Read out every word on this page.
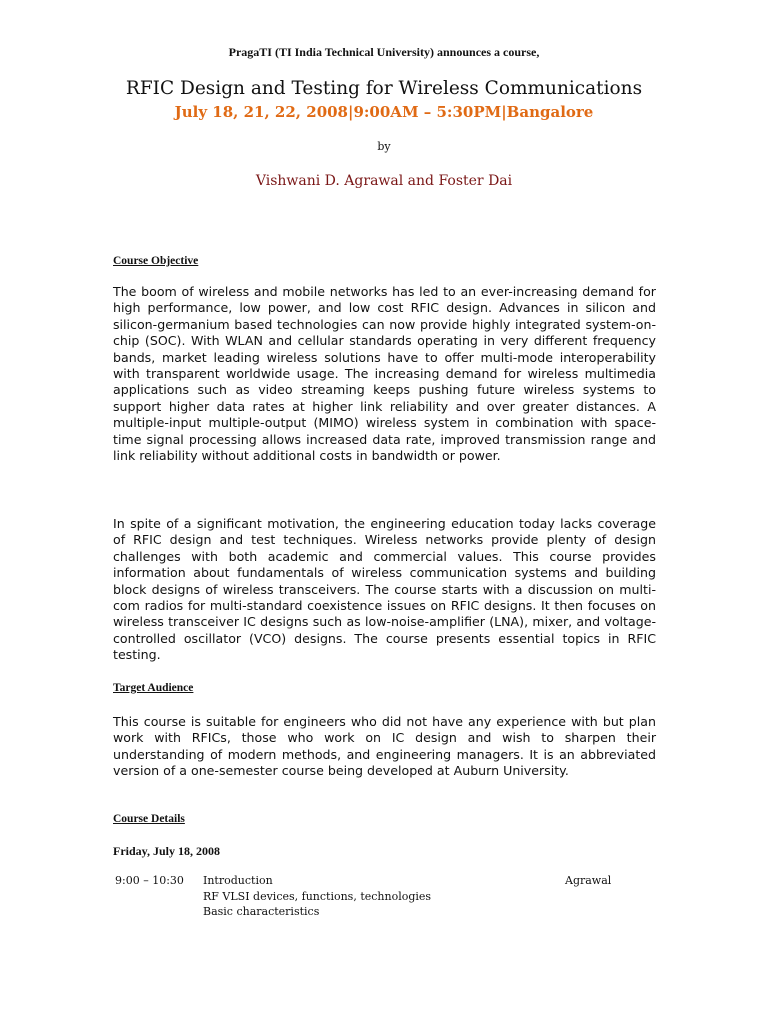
PragaTI (TI India Technical University) announces a course,
RFIC Design and Testing for Wireless Communications
July 18, 21, 22, 2008|9:00AM – 5:30PM|Bangalore
by
Vishwani D. Agrawal and Foster Dai
Course Objective

The boom of wireless and mobile networks has led to an ever-increasing demand for high performance, low power, and low cost RFIC design. Advances in silicon and silicon-germanium based technologies can now provide highly integrated system-on-chip (SOC). With WLAN and cellular standards operating in very different frequency bands, market leading wireless solutions have to offer multi-mode interoperability with transparent worldwide usage. The increasing demand for wireless multimedia applications such as video streaming keeps pushing future wireless systems to support higher data rates at higher link reliability and over greater distances. A multiple-input multiple-output (MIMO) wireless system in combination with space-time signal processing allows increased data rate, improved transmission range and link reliability without additional costs in bandwidth or power.

In spite of a significant motivation, the engineering education today lacks coverage of RFIC design and test techniques. Wireless networks provide plenty of design challenges with both academic and commercial values. This course provides information about fundamentals of wireless communication systems and building block designs of wireless transceivers. The course starts with a discussion on multi-com radios for multi-standard coexistence issues on RFIC designs. It then focuses on wireless transceiver IC designs such as low-noise-amplifier (LNA), mixer, and voltage-controlled oscillator (VCO) designs. The course presents essential topics in RFIC testing.

Target Audience

This course is suitable for engineers who did not have any experience with but plan work with RFICs, those who work on IC design and wish to sharpen their understanding of modern methods, and engineering managers. It is an abbreviated version of a one-semester course being developed at Auburn University.

Course Details
Friday, July 18, 2008
9:00 – 10:30 Introduction
RF VLSI devices, functions, technologies
Basic characteristics
Agrawal
